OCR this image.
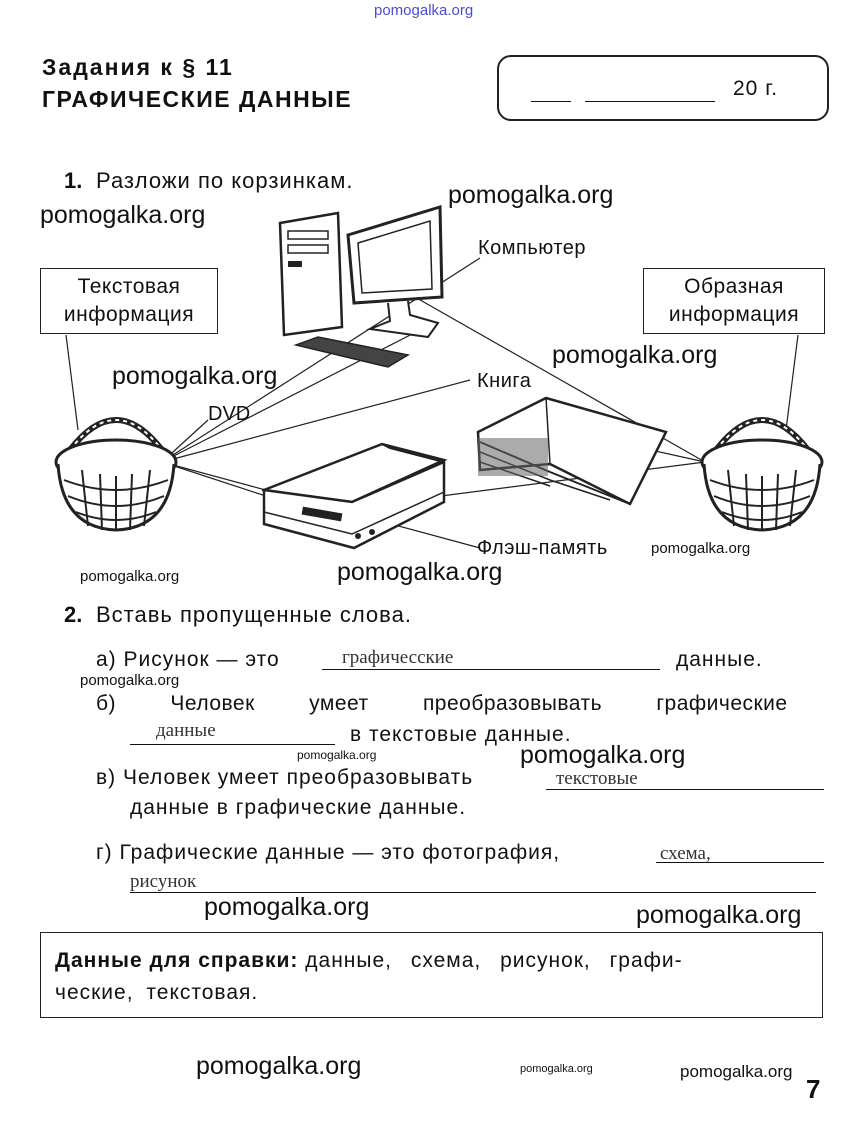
pomogalka.org
Задания к § 11
ГРАФИЧЕСКИЕ ДАННЫЕ	20 г.
1. Разложи по корзинкам.
Текстовая
информация
Образная
информация
Компьютер
Книга
DVD
Флэш-память
pomogalka.org
pomogalka.org
pomogalka.org
pomogalka.org
pomogalka.org
pomogalka.org	pomogalka.org
2. Вставь пропущенные слова.
а) Рисунок — это	графичесские	данные.
pomogalka.org
б) Человек умеет преобразовывать графические
данные	в текстовые данные.
pomogalka.org	pomogalka.org
в) Человек умеет преобразовывать	текстовые
данные в графические данные.
г) Графические данные — это фотография,	схема,
рисунок
pomogalka.org	pomogalka.org
Данные для справки: данные, схема, рисунок, графи-
ческие, текстовая.
pomogalka.org	pomogalka.org	pomogalka.org
7
